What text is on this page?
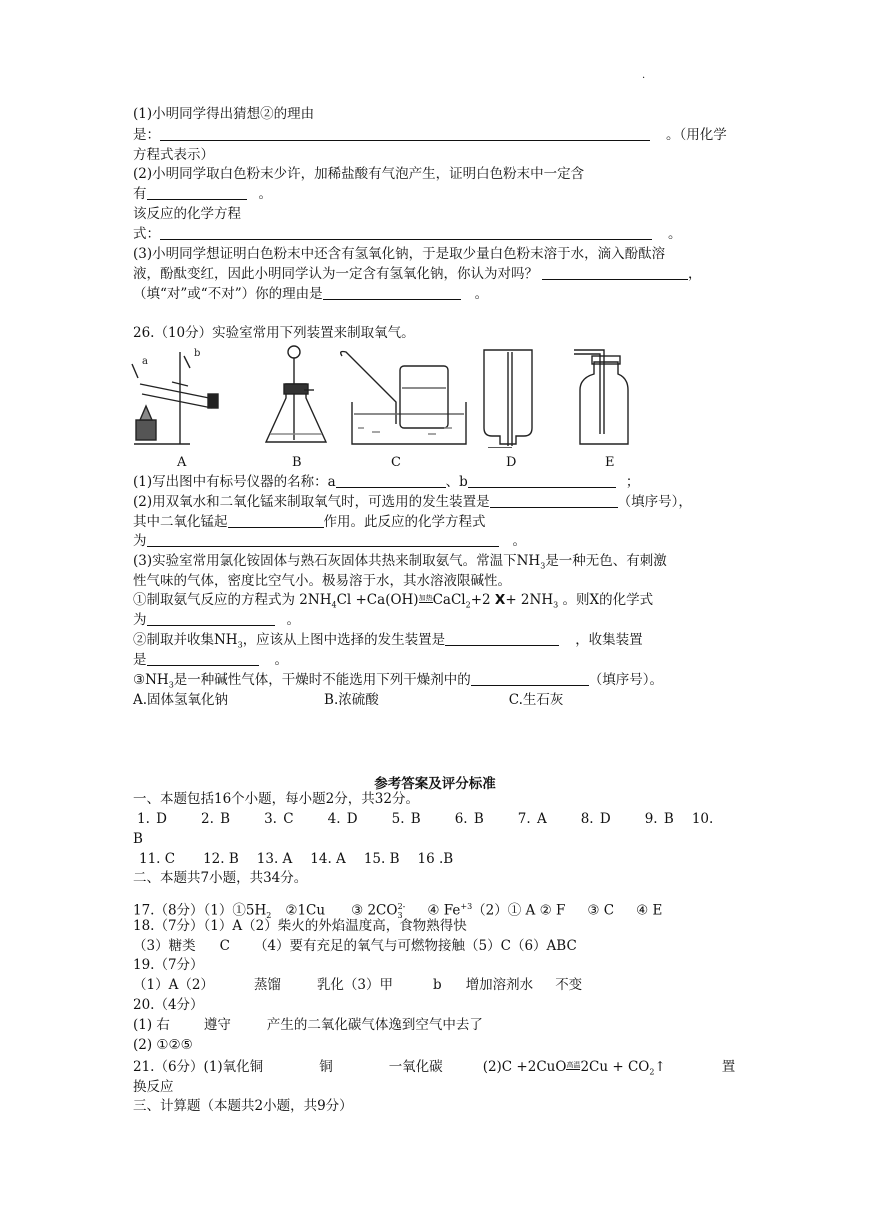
.
(1)小明同学得出猜想②的理由
是：	。（用化学
方程式表示）
(2)小明同学取白色粉末少许，加稀盐酸有气泡产生，证明白色粉末中一定含
有	。
该反应的化学方程
式：	。
(3)小明同学想证明白色粉末中还含有氢氧化钠，于是取少量白色粉末溶于水，滴入酚酞溶
液，酚酞变红，因此小明同学认为一定含有氢氧化钠，你认为对吗？	，
（填“对”或“不对”）你的理由是	。
26.（10分）实验室常用下列装置来制取氧气。
a
b
A	B	C	D	E
(1)写出图中有标号仪器的名称：a	、b	；
(2)用双氧水和二氧化锰来制取氧气时，可选用的发生装置是	（填序号），
其中二氧化锰起	作用。此反应的化学方程式
为	。
(3)实验室常用氯化铵固体与熟石灰固体共热来制取氨气。常温下$NH_3$是一种无色、有刺激
性气味的气体，密度比空气小。极易溶于水，其水溶液限碱性。
①制取氨气反应的方程式为 $2NH_4Cl +Ca(OH)$加热CaCl$_2$+2 $X+ 2NH_3$ 。则X的化学式
为	。
②制取并收集$NH_3$，应该从上图中选择的发生装置是	，收集装置
是	。
$③NH_3$是一种碱性气体，干燥时不能选用下列干燥剂中的	（填序号）。
A.固体氢氧化钠	B.浓硫酸	C.生石灰
参考答案及评分标准
一、本题包括16个小题，每小题2分，共32分。
1. D	2. B	3. C	4. D	5. B	6. B	7. A	8. D	9. B 10.
B
11. C 12. B 13. A 14. A 15. B 16 .B
二、本题共7小题，共34分。
17.（8分）$(1)①5H_2$ ②1Cu ③ $2CO_3^{2-}$ ④ $Fe^{+3}(2)①$ A ② F ③ C ④ E
18.（7分）（1）A（2）柴火的外焰温度高，食物熟得快
（3）糖类 C （4）要有充足的氧气与可燃物接触（5）C（6）ABC
19.（7分）
（1）A（2）	蒸馏	乳化（3）甲	b 增加溶剂水 不变
20.（4分）
(1) 右	遵守	产生的二氧化碳气体逸到空气中去了
(2) ①②⑤
21.（6分）(1)氧化铜	铜	一氧化碳	(2)C +2CuO高温$2Cu + CO_2↑$	置
换反应
三、计算题（本题共2小题，共9分）
